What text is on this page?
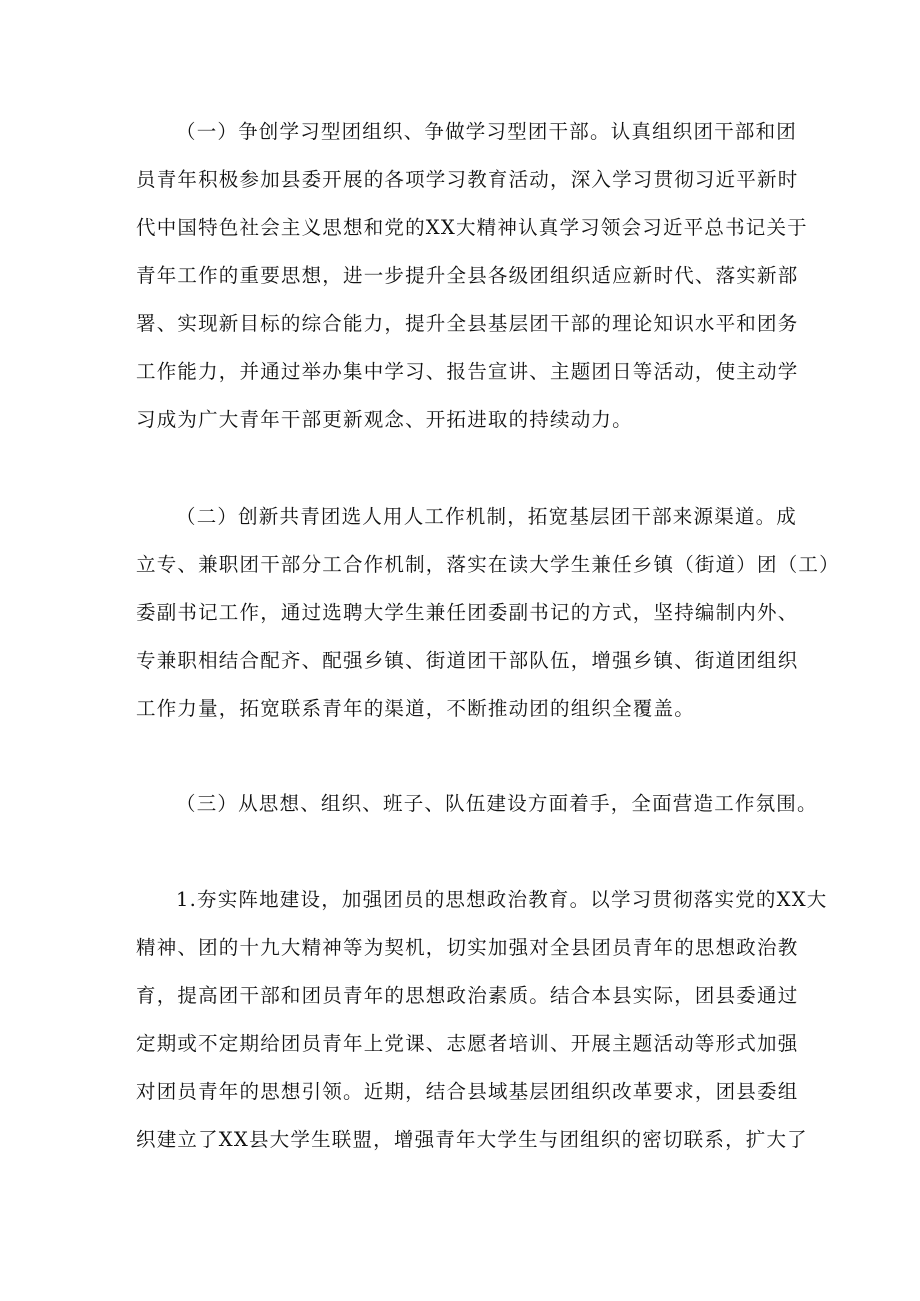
（一）争创学习型团组织、争做学习型团干部。认真组织团干部和团
员青年积极参加县委开展的各项学习教育活动，深入学习贯彻习近平新时
代中国特色社会主义思想和党的XX大精神认真学习领会习近平总书记关于
青年工作的重要思想，进一步提升全县各级团组织适应新时代、落实新部
署、实现新目标的综合能力，提升全县基层团干部的理论知识水平和团务
工作能力，并通过举办集中学习、报告宣讲、主题团日等活动，使主动学
习成为广大青年干部更新观念、开拓进取的持续动力。
（二）创新共青团选人用人工作机制，拓宽基层团干部来源渠道。成
立专、兼职团干部分工合作机制，落实在读大学生兼任乡镇（街道）团（工）
委副书记工作，通过选聘大学生兼任团委副书记的方式，坚持编制内外、
专兼职相结合配齐、配强乡镇、街道团干部队伍，增强乡镇、街道团组织
工作力量，拓宽联系青年的渠道，不断推动团的组织全覆盖。
（三）从思想、组织、班子、队伍建设方面着手，全面营造工作氛围。
1.夯实阵地建设，加强团员的思想政治教育。以学习贯彻落实党的XX大
精神、团的十九大精神等为契机，切实加强对全县团员青年的思想政治教
育，提高团干部和团员青年的思想政治素质。结合本县实际，团县委通过
定期或不定期给团员青年上党课、志愿者培训、开展主题活动等形式加强
对团员青年的思想引领。近期，结合县域基层团组织改革要求，团县委组
织建立了XX县大学生联盟，增强青年大学生与团组织的密切联系，扩大了
